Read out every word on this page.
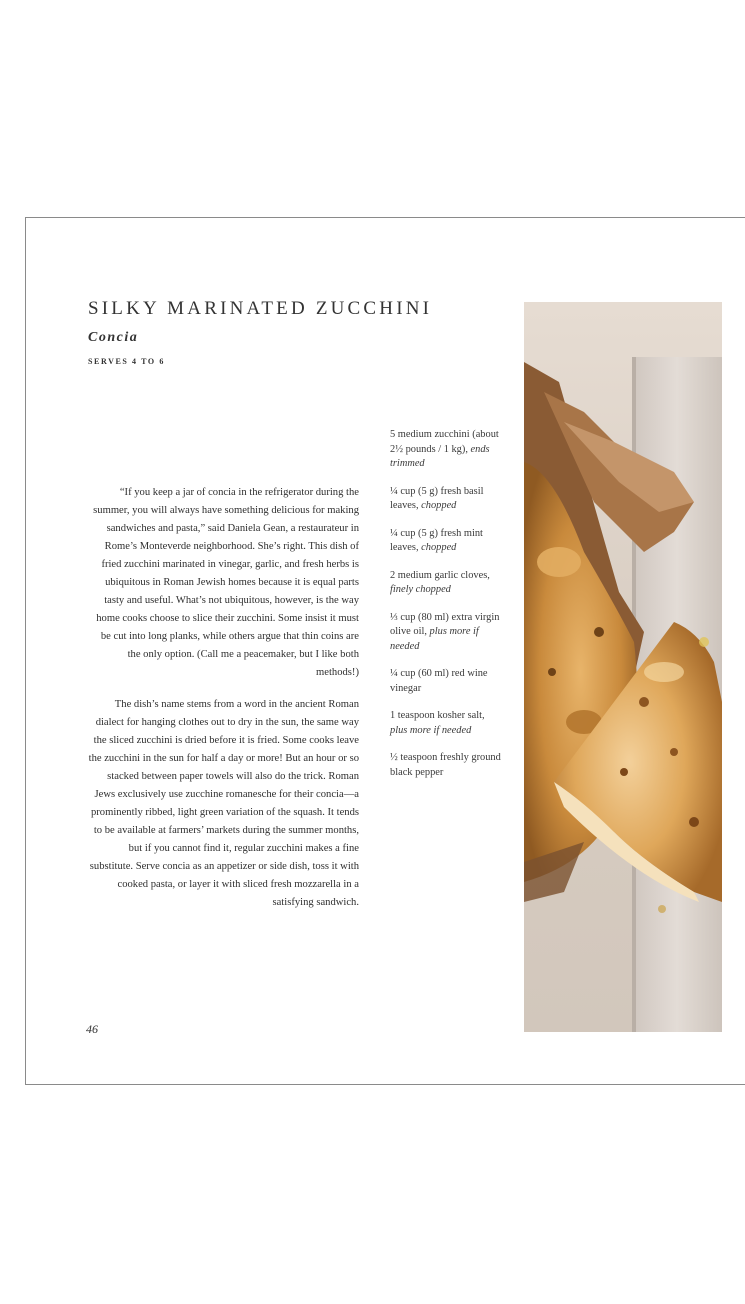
SILKY MARINATED ZUCCHINI
Concia

SERVES 4 TO 6

“If you keep a jar of concia in the refrigerator during the summer, you will always have something delicious for making sandwiches and pasta,” said Daniela Gean, a restaurateur in Rome’s Monteverde neighborhood. She’s right. This dish of fried zucchini marinated in vinegar, garlic, and fresh herbs is ubiquitous in Roman Jewish homes because it is equal parts tasty and useful. What’s not ubiquitous, however, is the way home cooks choose to slice their zucchini. Some insist it must be cut into long planks, while others argue that thin coins are the only option. (Call me a peacemaker, but I like both methods!)

The dish’s name stems from a word in the ancient Roman dialect for hanging clothes out to dry in the sun, the same way the sliced zucchini is dried before it is fried. Some cooks leave the zucchini in the sun for half a day or more! But an hour or so stacked between paper towels will also do the trick. Roman Jews exclusively use zucchine romanesche for their concia—a prominently ribbed, light green variation of the squash. It tends to be available at farmers’ markets during the summer months, but if you cannot find it, regular zucchini makes a fine substitute. Serve concia as an appetizer or side dish, toss it with cooked pasta, or layer it with sliced fresh mozzarella in a satisfying sandwich.

5 medium zucchini (about 2½ pounds / 1 kg), ends trimmed

¼ cup (5 g) fresh basil leaves, chopped

¼ cup (5 g) fresh mint leaves, chopped

2 medium garlic cloves, finely chopped

⅓ cup (80 ml) extra virgin olive oil, plus more if needed

¼ cup (60 ml) red wine vinegar

1 teaspoon kosher salt, plus more if needed

½ teaspoon freshly ground black pepper

46
